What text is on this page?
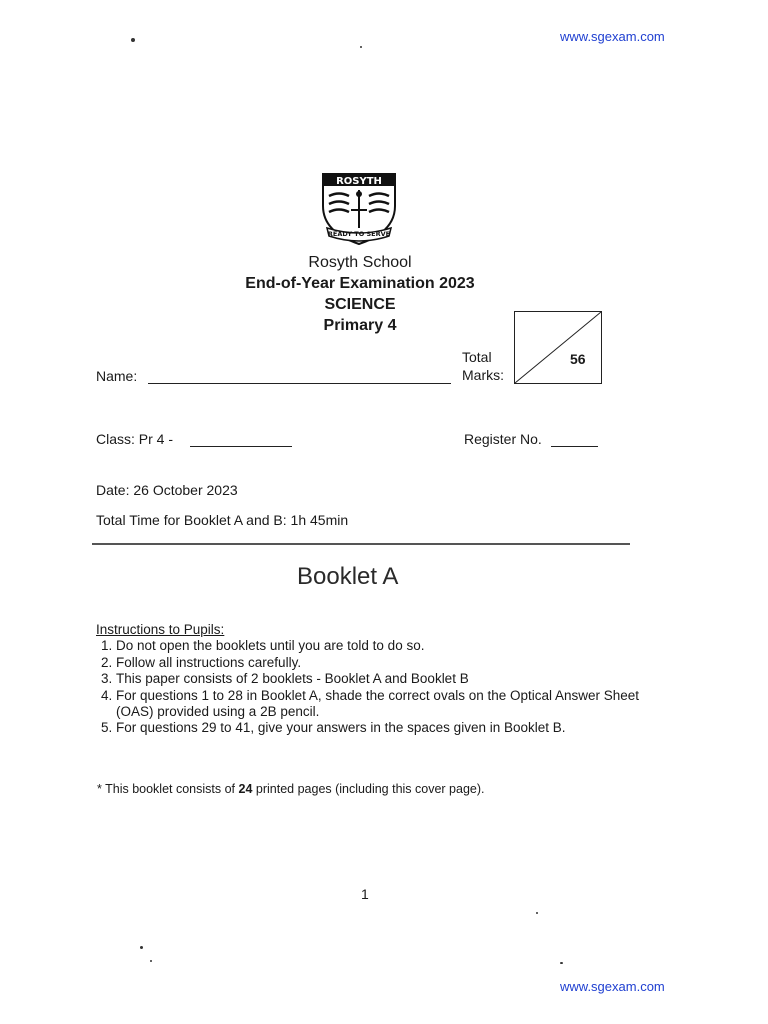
www.sgexam.com
www.sgexam.com
ROSYTH
READY TO SERVE
Rosyth School
End-of-Year Examination 2023
SCIENCE
Primary 4
Total
Marks:
56
Name:
Class: Pr 4 -	Register No.
Date: 26 October 2023
Total Time for Booklet A and B: 1h 45min
Booklet A
Instructions to Pupils:
1. Do not open the booklets until you are told to do so.
2. Follow all instructions carefully.
3. This paper consists of 2 booklets - Booklet A and Booklet B
4. For questions 1 to 28 in Booklet A, shade the correct ovals on the Optical Answer Sheet (OAS) provided using a 2B pencil.
5. For questions 29 to 41, give your answers in the spaces given in Booklet B.
* This booklet consists of 24 printed pages (including this cover page).
1
